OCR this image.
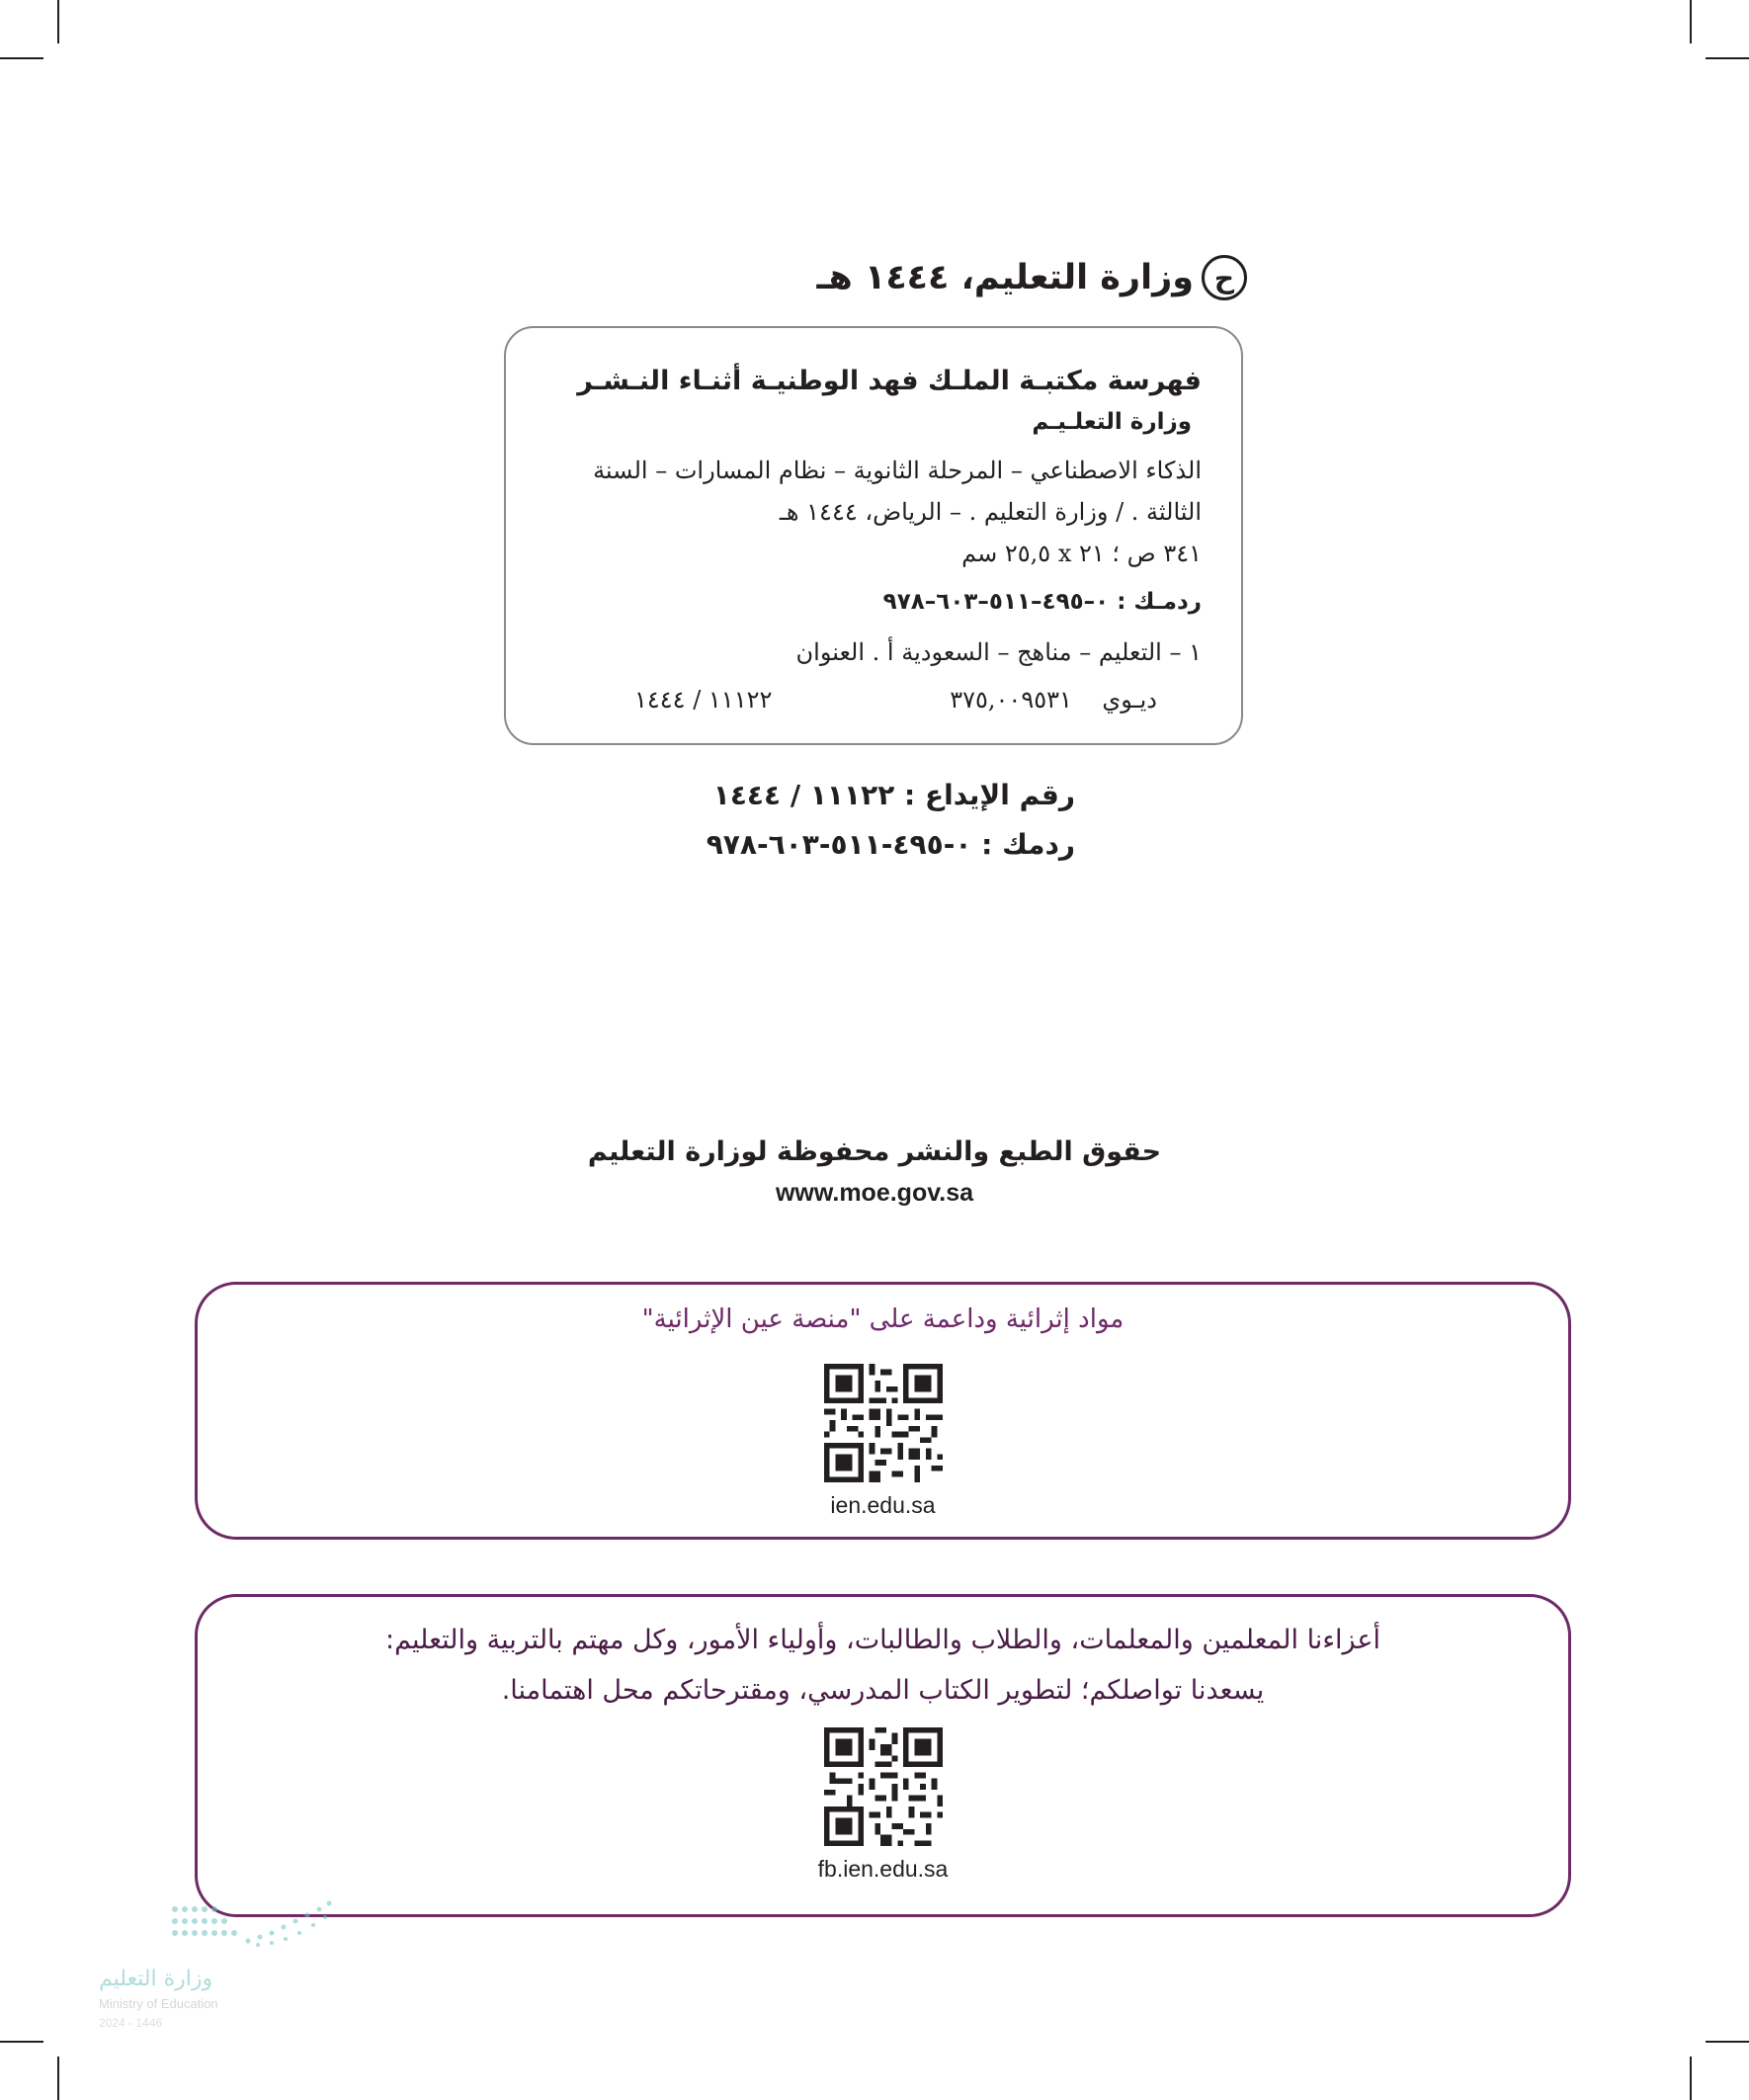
ح
وزارة التعليم، ١٤٤٤ هـ
فهرسة مكتبـة الملـك فهد الوطنيـة أثنـاء النـشـر
وزارة التعلـيـم
الذكاء الاصطناعي – المرحلة الثانوية – نظام المسارات – السنة
الثالثة . / وزارة التعليم . – الرياض، ١٤٤٤ هـ
٣٤١ ص ؛ ٢١ x ٢٥,٥ سم
ردمـك : ٠–٤٩٥–٥١١–٦٠٣–٩٧٨
١ – التعليم – مناهج – السعودية أ . العنوان
ديـوي    ٣٧٥,٠٠٩٥٣١
١١١٢٢ / ١٤٤٤
رقم الإيداع : ١١١٢٢ / ١٤٤٤
ردمك : ٠-٤٩٥-٥١١-٦٠٣-٩٧٨
حقوق الطبع والنشر محفوظة لوزارة التعليم
www.moe.gov.sa
مواد إثرائية وداعمة على "منصة عين الإثرائية"
ien.edu.sa
أعزاءنا المعلمين والمعلمات، والطلاب والطالبات، وأولياء الأمور، وكل مهتم بالتربية والتعليم:
يسعدنا تواصلكم؛ لتطوير الكتاب المدرسي، ومقترحاتكم محل اهتمامنا.
fb.ien.edu.sa
وزارة التعليم
Ministry of Education
2024 - 1446
